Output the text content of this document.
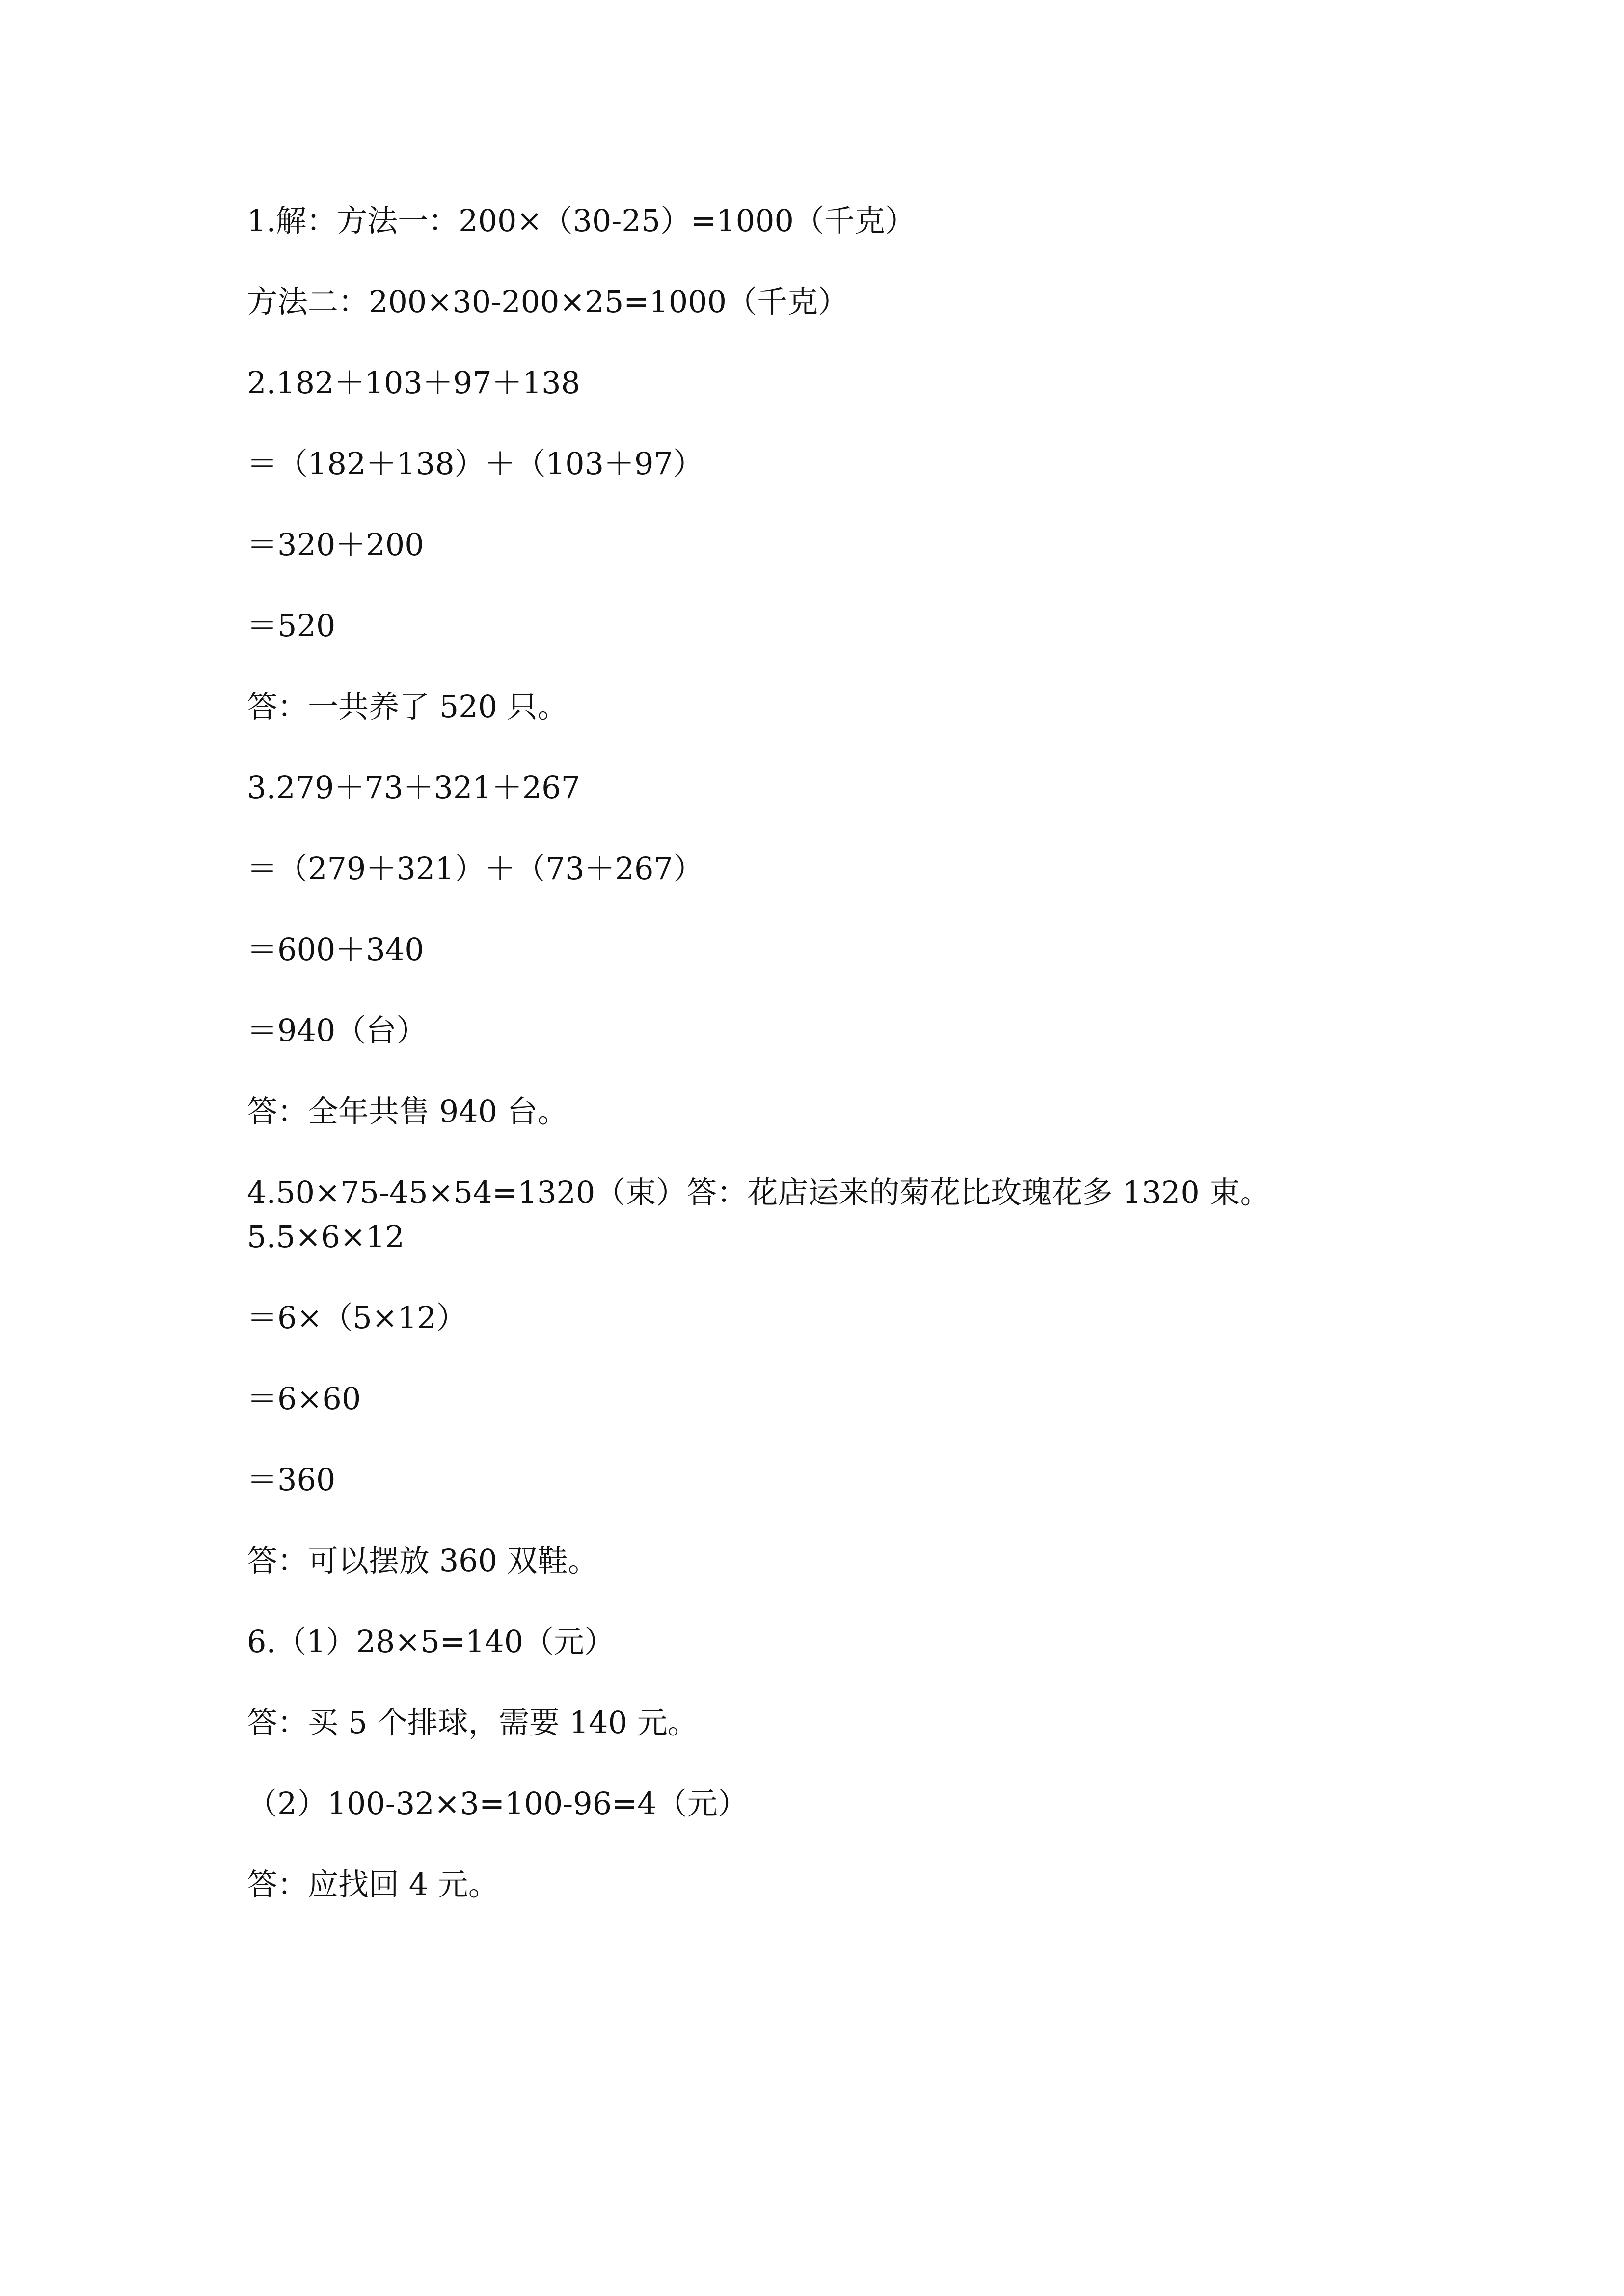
1.解：方法一：200×（30-25）=1000（千克）
方法二：200×30-200×25=1000（千克）
2.182＋103＋97＋138
＝（182＋138）＋（103＋97）
＝320＋200
＝520
答：一共养了 520 只。
3.279＋73＋321＋267
＝（279＋321）＋（73＋267）
＝600＋340
＝940（台）
答：全年共售 940 台。
4.50×75-45×54=1320（束）答：花店运来的菊花比玫瑰花多 1320 束。
5.5×6×12
＝6×（5×12）
＝6×60
＝360
答：可以摆放 360 双鞋。
6.（1）28×5=140（元）
答：买 5 个排球，需要 140 元。
（2）100-32×3=100-96=4（元）
答：应找回 4 元。
